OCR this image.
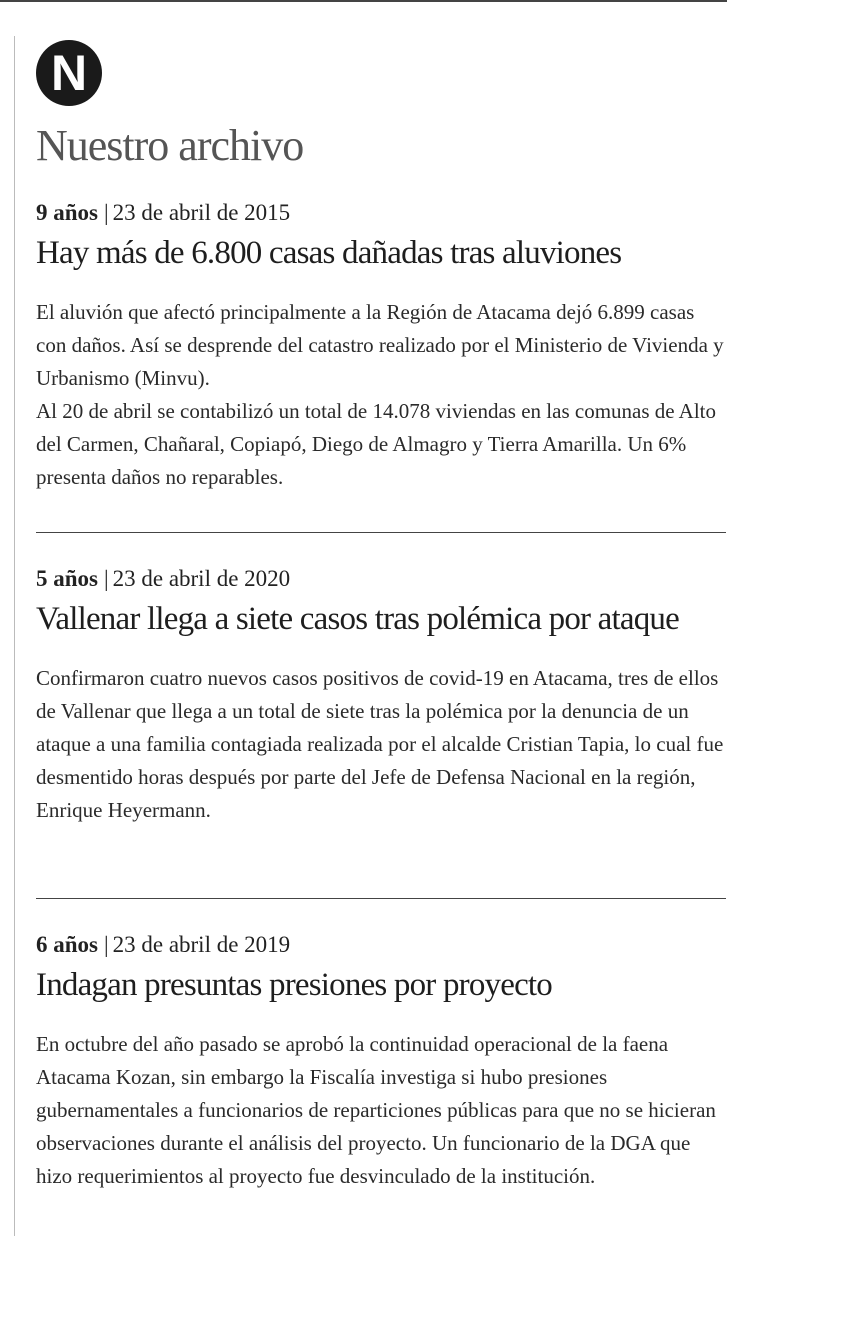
N
Nuestro archivo
9 años | 23 de abril de 2015
Hay más de 6.800 casas dañadas tras aluviones

El aluvión que afectó principalmente a la Región de Atacama dejó 6.899 casas con daños. Así se desprende del catastro realizado por el Ministerio de Vivienda y Urbanismo (Minvu).

Al 20 de abril se contabilizó un total de 14.078 viviendas en las comunas de Alto del Carmen, Chañaral, Copiapó, Diego de Almagro y Tierra Amarilla. Un 6% presenta daños no reparables.

5 años | 23 de abril de 2020
Vallenar llega a siete casos tras polémica por ataque

Confirmaron cuatro nuevos casos positivos de covid-19 en Atacama, tres de ellos de Vallenar que llega a un total de siete tras la polémica por la denuncia de un ataque a una familia contagiada realizada por el alcalde Cristian Tapia, lo cual fue desmentido horas después por parte del Jefe de Defensa Nacional en la región, Enrique Heyermann.

6 años | 23 de abril de 2019
Indagan presuntas presiones por proyecto

En octubre del año pasado se aprobó la continuidad operacional de la faena Atacama Kozan, sin embargo la Fiscalía investiga si hubo presiones gubernamentales a funcionarios de reparticiones públicas para que no se hicieran observaciones durante el análisis del proyecto. Un funcionario de la DGA que hizo requerimientos al proyecto fue desvinculado de la institución.
